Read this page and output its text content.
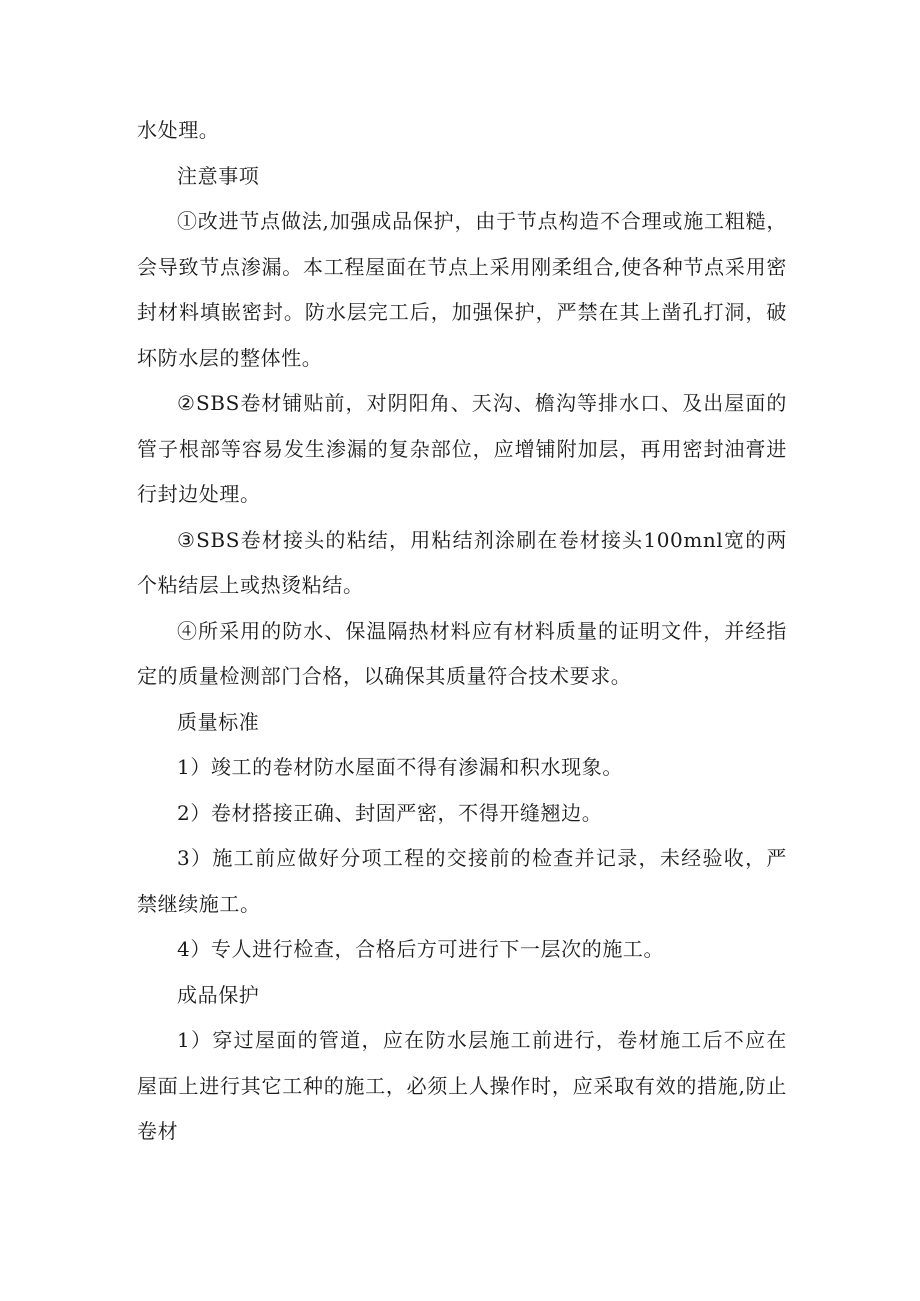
水处理。

注意事项

①改进节点做法,加强成品保护，由于节点构造不合理或施工粗糙，会导致节点渗漏。本工程屋面在节点上采用刚柔组合,使各种节点采用密封材料填嵌密封。防水层完工后，加强保护，严禁在其上凿孔打洞，破坏防水层的整体性。

②SBS卷材铺贴前，对阴阳角、天沟、檐沟等排水口、及出屋面的管子根部等容易发生渗漏的复杂部位，应增铺附加层，再用密封油膏进行封边处理。

③SBS卷材接头的粘结，用粘结剂涂刷在卷材接头100mnl宽的两个粘结层上或热烫粘结。

④所采用的防水、保温隔热材料应有材料质量的证明文件，并经指定的质量检测部门合格，以确保其质量符合技术要求。

质量标准

1）竣工的卷材防水屋面不得有渗漏和积水现象。

2）卷材搭接正确、封固严密，不得开缝翘边。

3）施工前应做好分项工程的交接前的检查并记录，未经验收，严禁继续施工。

4）专人进行检查，合格后方可进行下一层次的施工。

成品保护

1）穿过屋面的管道，应在防水层施工前进行，卷材施工后不应在屋面上进行其它工种的施工，必须上人操作时，应采取有效的措施,防止卷材
